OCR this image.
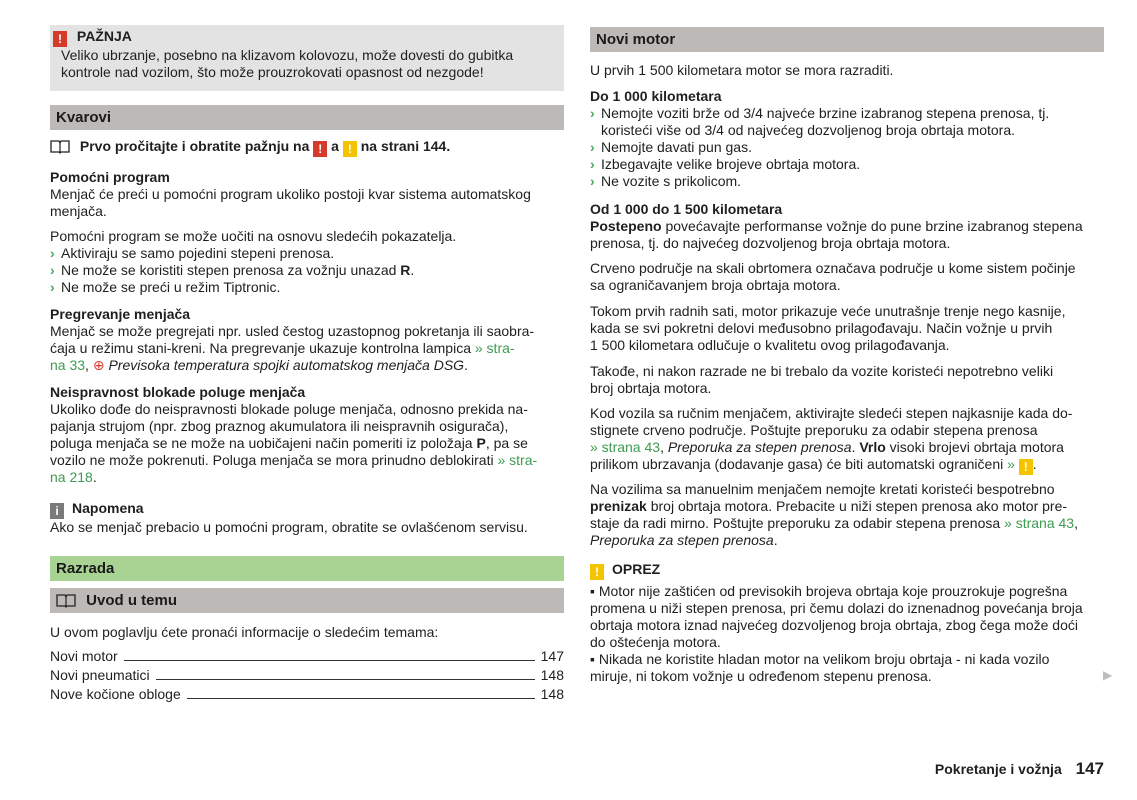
! PAŽNJA
Veliko ubrzanje, posebno na klizavom kolovozu, može dovesti do gubitka
kontrole nad vozilom, što može prouzrokovati opasnost od nezgode!
Kvarovi
Prvo pročitajte i obratite pažnju na ! a ! na strani 144.
Pomoćni program
Menjač će preći u pomoćni program ukoliko postoji kvar sistema automatskog
menjača.
Pomoćni program se može uočiti na osnovu sledećih pokazatelja.
› Aktiviraju se samo pojedini stepeni prenosa.
› Ne može se koristiti stepen prenosa za vožnju unazad R.
› Ne može se preći u režim Tiptronic.
Pregrevanje menjača
Menjač se može pregrejati npr. usled čestog uzastopnog pokretanja ili saobra-
ćaja u režimu stani-kreni. Na pregrevanje ukazuje kontrolna lampica » stra-
na 33, ⊕ Previsoka temperatura spojki automatskog menjača DSG.
Neispravnost blokade poluge menjača
Ukoliko dođe do neispravnosti blokade poluge menjača, odnosno prekida na-
pajanja strujom (npr. zbog praznog akumulatora ili neispravnih osigurača),
poluga menjača se ne može na uobičajeni način pomeriti iz položaja P, pa se
vozilo ne može pokrenuti. Poluga menjača se mora prinudno deblokirati » stra-
na 218.
i Napomena
Ako se menjač prebacio u pomoćni program, obratite se ovlašćenom servisu.
Razrada
Uvod u temu
U ovom poglavlju ćete pronaći informacije o sledećim temama:
Novi motor	147
Novi pneumatici	148
Nove kočione obloge	148
Novi motor
U prvih 1 500 kilometara motor se mora razraditi.
Do 1 000 kilometara
› Nemojte voziti brže od 3/4 najveće brzine izabranog stepena prenosa, tj.
koristeći više od 3/4 od najvećeg dozvoljenog broja obrtaja motora.
› Nemojte davati pun gas.
› Izbegavajte velike brojeve obrtaja motora.
› Ne vozite s prikolicom.
Od 1 000 do 1 500 kilometara
Postepeno povećavajte performanse vožnje do pune brzine izabranog stepena
prenosa, tj. do najvećeg dozvoljenog broja obrtaja motora.
Crveno područje na skali obrtomera označava područje u kome sistem počinje
sa ograničavanjem broja obrtaja motora.
Tokom prvih radnih sati, motor prikazuje veće unutrašnje trenje nego kasnije,
kada se svi pokretni delovi međusobno prilagođavaju. Način vožnje u prvih
1 500 kilometara odlučuje o kvalitetu ovog prilagođavanja.
Takođe, ni nakon razrade ne bi trebalo da vozite koristeći nepotrebno veliki
broj obrtaja motora.
Kod vozila sa ručnim menjačem, aktivirajte sledeći stepen najkasnije kada do-
stignete crveno područje. Poštujte preporuku za odabir stepena prenosa
» strana 43, Preporuka za stepen prenosa. Vrlo visoki brojevi obrtaja motora
prilikom ubrzavanja (dodavanje gasa) će biti automatski ograničeni » ! .
Na vozilima sa manuelnim menjačem nemojte kretati koristeći bespotrebno
prenizak broj obrtaja motora. Prebacite u niži stepen prenosa ako motor pre-
staje da radi mirno. Poštujte preporuku za odabir stepena prenosa » strana 43,
Preporuka za stepen prenosa.
! OPREZ
▪ Motor nije zaštićen od previsokih brojeva obrtaja koje prouzrokuje pogrešna
promena u niži stepen prenosa, pri čemu dolazi do iznenadnog povećanja broja
obrtaja motora iznad najvećeg dozvoljenog broja obrtaja, zbog čega može doći
do oštećenja motora.
▪ Nikada ne koristite hladan motor na velikom broju obrtaja - ni kada vozilo
miruje, ni tokom vožnje u određenom stepenu prenosa.	▶
Pokretanje i vožnja 147
